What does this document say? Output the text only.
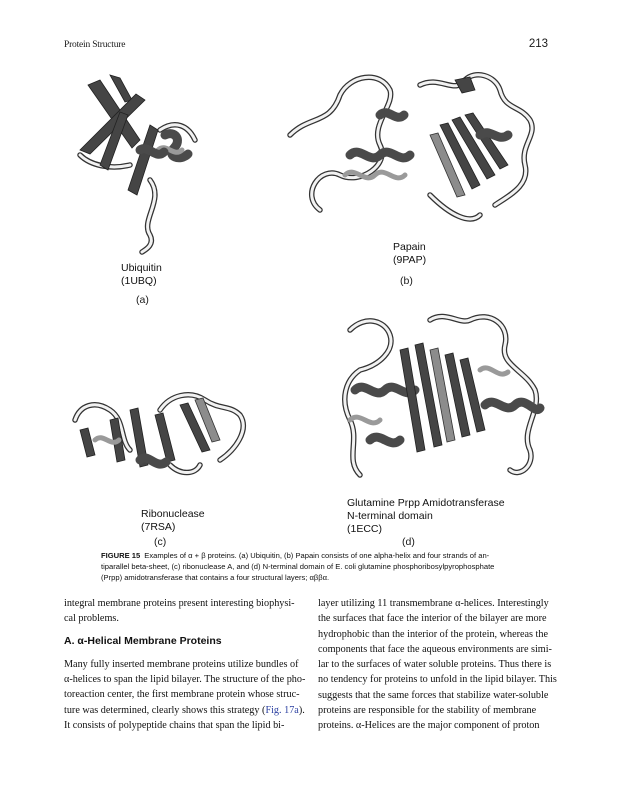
Protein Structure	213
Ubiquitin
(1UBQ)
(a)
Papain
(9PAP)
(b)
Ribonuclease
(7RSA)
(c)
Glutamine Prpp Amidotransferase
N-terminal domain
(1ECC)
(d)
FIGURE 15 Examples of α + β proteins. (a) Ubiquitin, (b) Papain consists of one alpha-helix and four strands of an-
tiparallel beta-sheet, (c) ribonuclease A, and (d) N-terminal domain of E. coli glutamine phosphoribosylpyrophosphate
(Prpp) amidotransferase that contains a four structural layers; αββα.

integral membrane proteins present interesting biophysi-
cal problems.

A. α-Helical Membrane Proteins

Many fully inserted membrane proteins utilize bundles of
α-helices to span the lipid bilayer. The structure of the pho-
toreaction center, the first membrane protein whose struc-
ture was determined, clearly shows this strategy (Fig. 17a).
It consists of polypeptide chains that span the lipid bi-

layer utilizing 11 transmembrane α-helices. Interestingly
the surfaces that face the interior of the bilayer are more
hydrophobic than the interior of the protein, whereas the
components that face the aqueous environments are simi-
lar to the surfaces of water soluble proteins. Thus there is
no tendency for proteins to unfold in the lipid bilayer. This
suggests that the same forces that stabilize water-soluble
proteins are responsible for the stability of membrane
proteins. α-Helices are the major component of proton
